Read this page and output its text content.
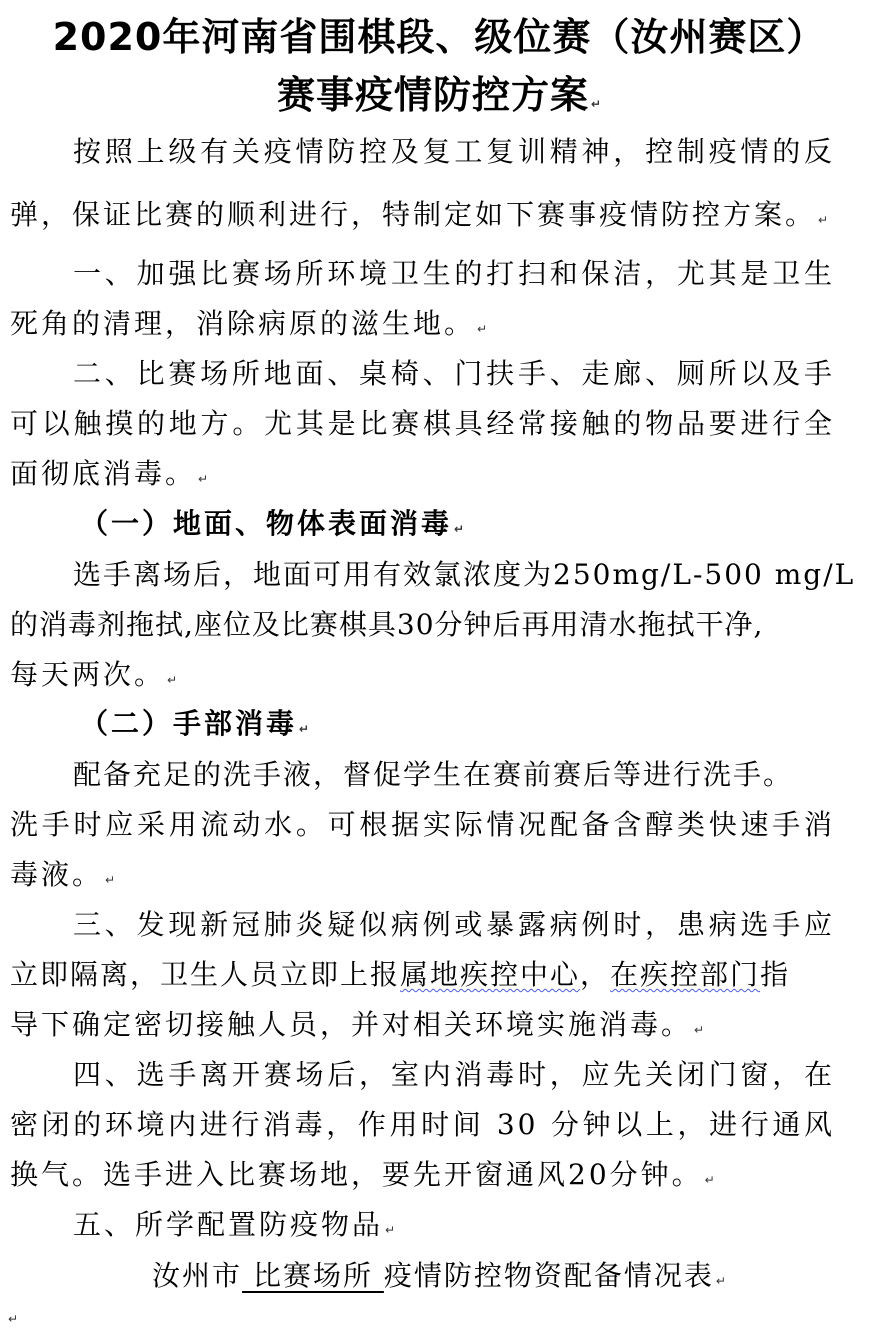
2020年河南省围棋段、级位赛（汝州赛区）
赛事疫情防控方案 ↵
按照上级有关疫情防控及复工复训精神，控制疫情的反
弹，保证比赛的顺利进行，特制定如下赛事疫情防控方案。 ↵
一、加强比赛场所环境卫生的打扫和保洁，尤其是卫生
死角的清理，消除病原的滋生地。 ↵
二、比赛场所地面、桌椅、门扶手、走廊、厕所以及手
可以触摸的地方。尤其是比赛棋具经常接触的物品要进行全
面彻底消毒。 ↵
（一）地面、物体表面消毒 ↵
选手离场后，地面可用有效氯浓度为250mg/L-500 mg/L
的消毒剂拖拭,座位及比赛棋具30分钟后再用清水拖拭干净,
每天两次。 ↵
（二）手部消毒 ↵
配备充足的洗手液，督促学生在赛前赛后等进行洗手。
洗手时应采用流动水。可根据实际情况配备含醇类快速手消
毒液。 ↵
三、发现新冠肺炎疑似病例或暴露病例时，患病选手应
立即隔离，卫生人员立即上报属地疾控中心，在疾控部门指
导下确定密切接触人员，并对相关环境实施消毒。 ↵
四、选手离开赛场后，室内消毒时，应先关闭门窗，在
密闭的环境内进行消毒，作用时间 30 分钟以上，进行通风
换气。选手进入比赛场地，要先开窗通风20分钟。 ↵
五、所学配置防疫物品 ↵
汝州市 比赛场所 疫情防控物资配备情况表 ↵
↵
